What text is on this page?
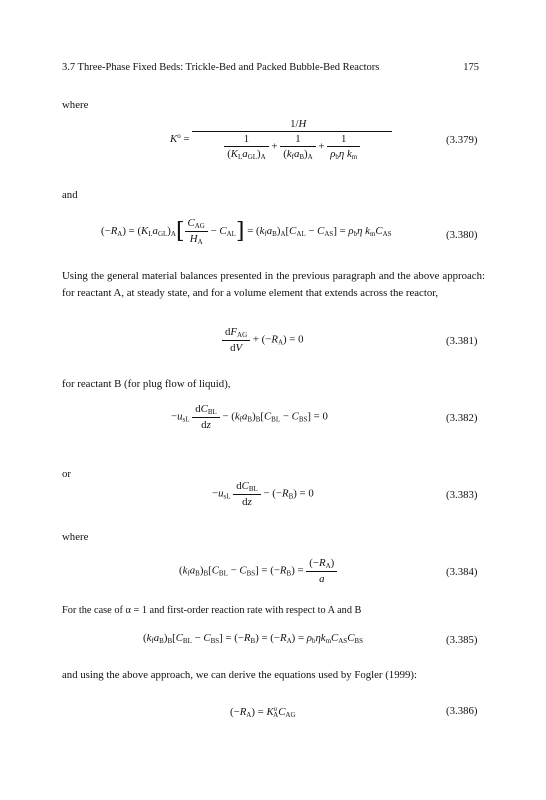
3.7 Three-Phase Fixed Beds: Trickle-Bed and Packed Bubble-Bed Reactors	175
where
$K^o = \frac{1/H}{\frac{1}{(K_La_{GL})_A} + \frac{1}{(k_fa_B)_A} + \frac{1}{\rho_b\eta k_m}}$	(3.379)
and
$(-R_A) = (K_La_{GL})_A[ \frac{C_{AG}}{H_A} - C_{AL}] = (k_fa_B)_A[C_{AL} - C_{AS}] = \rho_b\eta$ $k_mC_{AS}$	(3.380)
Using the general material balances presented in the previous paragraph and the above approach: for reactant A, at steady state, and for a volume element that extends across the reactor,
$\frac{dF_{AG}}{dV} + (-R_A) = 0$	(3.381)
for reactant B (for plug flow of liquid),
$-u_{sL} \frac{dC_{BL}}{dz} - (k_fa_B)_B[C_{BL} - C_{BS}] = 0$	(3.382)
or
$-u_{sL} \frac{dC_{BL}}{dz} - (-R_B) = 0$	(3.383)
where
$(k_fa_B)_B[C_{BL} - C_{BS}] = (-R_B) = \frac{(-R_A)}{a}$	(3.384)
For the case of α = 1 and first-order reaction rate with respect to A and B
$(k_fa_B)_B[C_{BL} - C_{BS}] = (-R_B) = (-R_A) = \rho_b\eta k_mC_{AS}C_{BS}$	(3.385)
and using the above approach, we can derive the equations used by Fogler (1999):
$(-R_A) = K^o_AC_{AG}$	(3.386)
